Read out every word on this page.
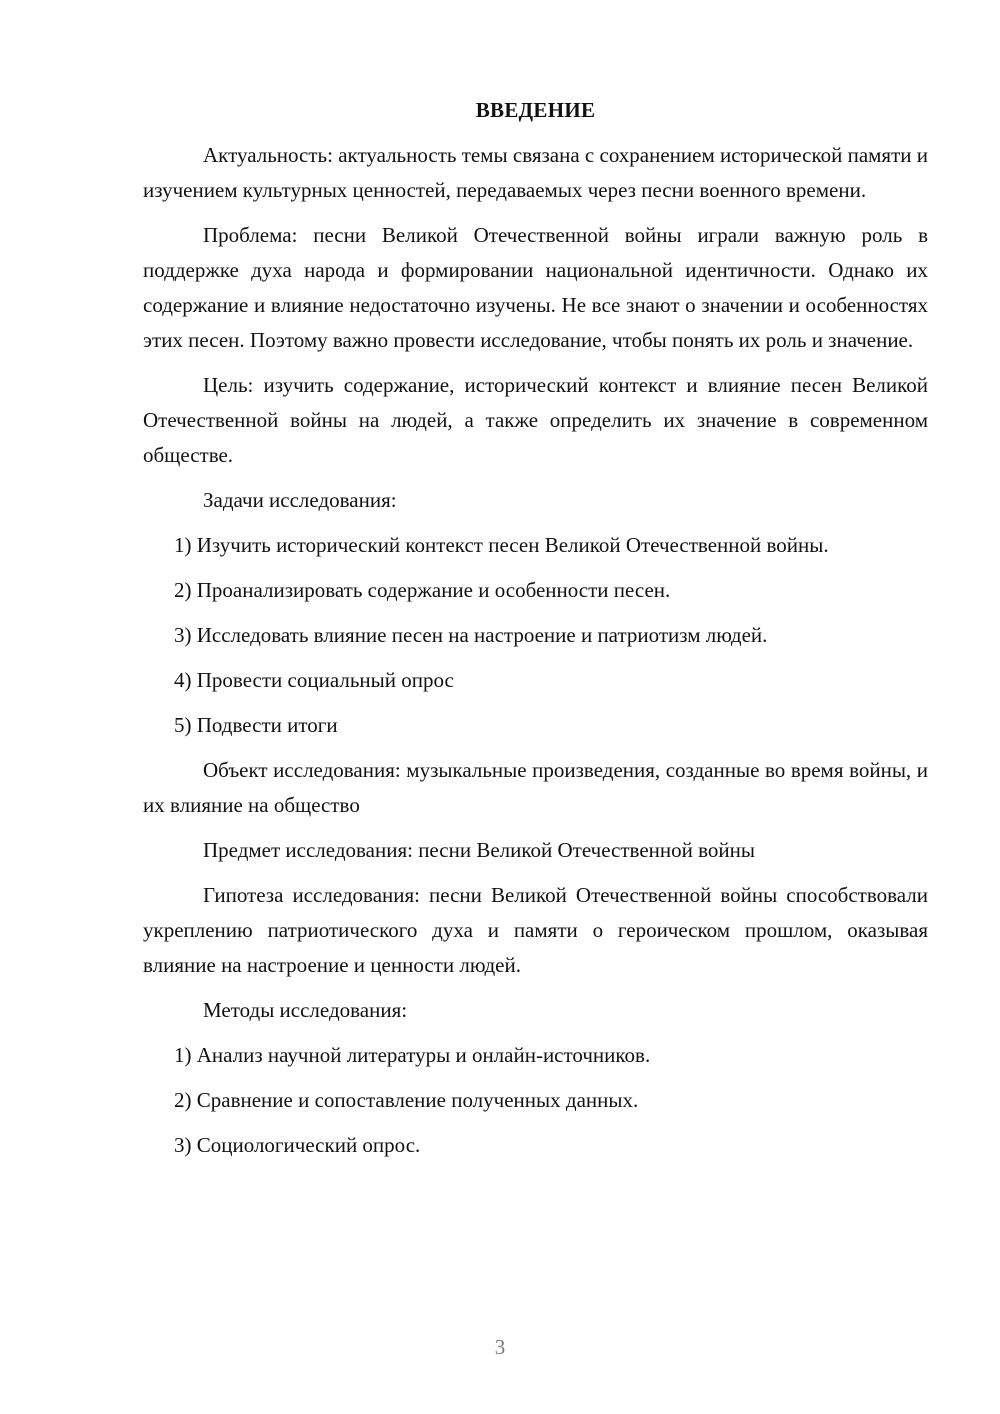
ВВЕДЕНИЕ

Актуальность: актуальность темы связана с сохранением исторической памяти и изучением культурных ценностей, передаваемых через песни военного времени.

Проблема: песни Великой Отечественной войны играли важную роль в поддержке духа народа и формировании национальной идентичности. Однако их содержание и влияние недостаточно изучены. Не все знают о значении и особенностях этих песен. Поэтому важно провести исследование, чтобы понять их роль и значение.

Цель: изучить содержание, исторический контекст и влияние песен Великой Отечественной войны на людей, а также определить их значение в современном обществе.

Задачи исследования:

1) Изучить исторический контекст песен Великой Отечественной войны.

2) Проанализировать содержание и особенности песен.

3) Исследовать влияние песен на настроение и патриотизм людей.

4) Провести социальный опрос

5) Подвести итоги

Объект исследования: музыкальные произведения, созданные во время войны, и их влияние на общество

Предмет исследования: песни Великой Отечественной войны

Гипотеза исследования: песни Великой Отечественной войны способствовали укреплению патриотического духа и памяти о героическом прошлом, оказывая влияние на настроение и ценности людей.

Методы исследования:

1) Анализ научной литературы и онлайн-источников.

2) Сравнение и сопоставление полученных данных.

3) Социологический опрос.

3
